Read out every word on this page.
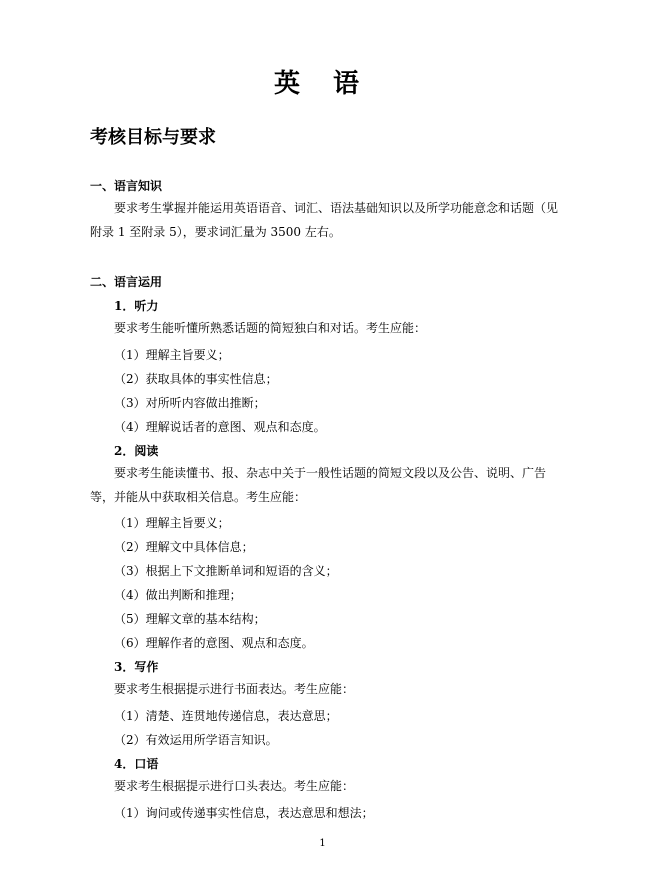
英 语
考核目标与要求
一、语言知识
要求考生掌握并能运用英语语音、词汇、语法基础知识以及所学功能意念和话题（见附录 1 至附录 5），要求词汇量为 3500 左右。
二、语言运用
1．听力
要求考生能听懂所熟悉话题的简短独白和对话。考生应能：
（1）理解主旨要义；
（2）获取具体的事实性信息；
（3）对所听内容做出推断；
（4）理解说话者的意图、观点和态度。
2．阅读
要求考生能读懂书、报、杂志中关于一般性话题的简短文段以及公告、说明、广告等，并能从中获取相关信息。考生应能：
（1）理解主旨要义；
（2）理解文中具体信息；
（3）根据上下文推断单词和短语的含义；
（4）做出判断和推理；
（5）理解文章的基本结构；
（6）理解作者的意图、观点和态度。
3．写作
要求考生根据提示进行书面表达。考生应能：
（1）清楚、连贯地传递信息，表达意思；
（2）有效运用所学语言知识。
4．口语
要求考生根据提示进行口头表达。考生应能：
（1）询问或传递事实性信息，表达意思和想法；
1
